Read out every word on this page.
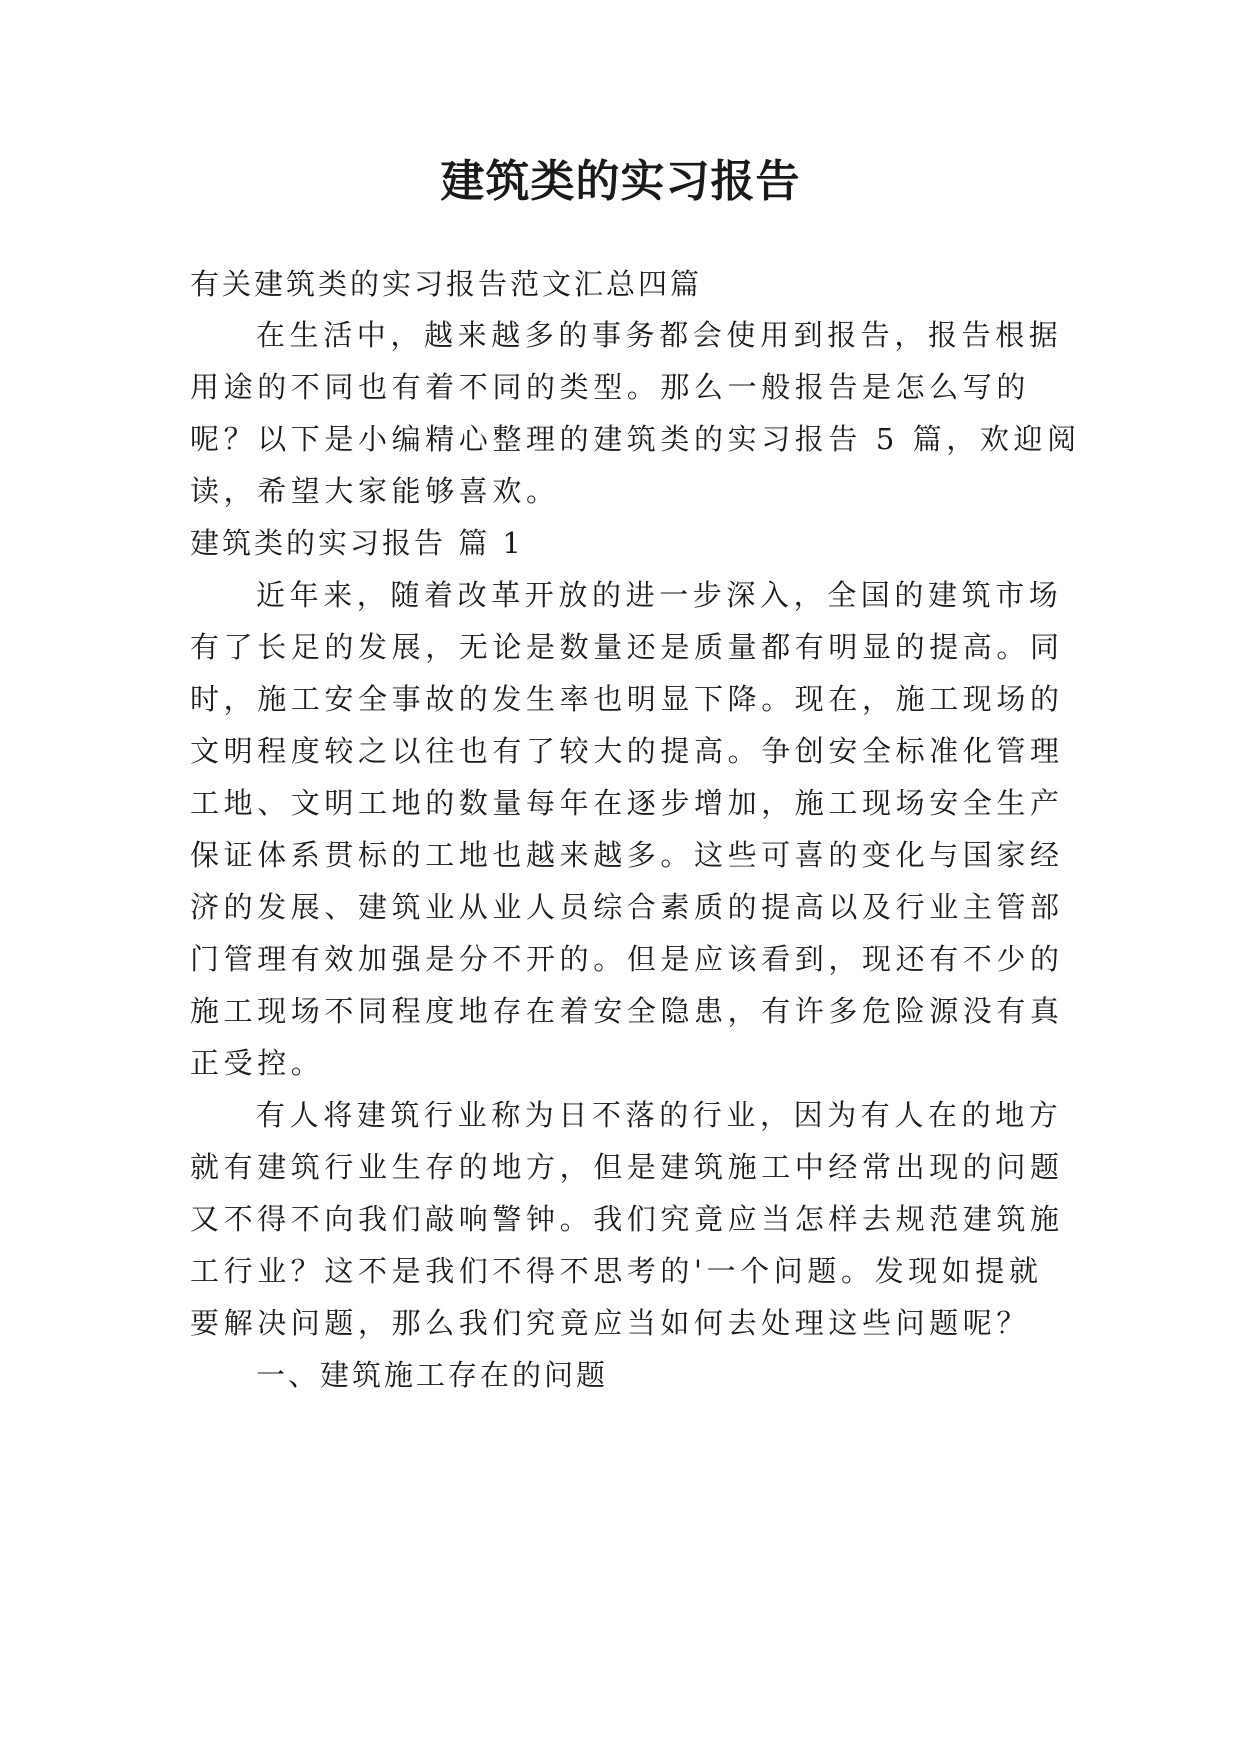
建筑类的实习报告

有关建筑类的实习报告范文汇总四篇

在生活中，越来越多的事务都会使用到报告，报告根据

用途的不同也有着不同的类型。那么一般报告是怎么写的

呢？以下是小编精心整理的建筑类的实习报告 5 篇，欢迎阅

读，希望大家能够喜欢。

建筑类的实习报告 篇 1

近年来，随着改革开放的进一步深入，全国的建筑市场

有了长足的发展，无论是数量还是质量都有明显的提高。同

时，施工安全事故的发生率也明显下降。现在，施工现场的

文明程度较之以往也有了较大的提高。争创安全标准化管理

工地、文明工地的数量每年在逐步增加，施工现场安全生产

保证体系贯标的工地也越来越多。这些可喜的变化与国家经

济的发展、建筑业从业人员综合素质的提高以及行业主管部

门管理有效加强是分不开的。但是应该看到，现还有不少的

施工现场不同程度地存在着安全隐患，有许多危险源没有真

正受控。

有人将建筑行业称为日不落的行业，因为有人在的地方

就有建筑行业生存的地方，但是建筑施工中经常出现的问题

又不得不向我们敲响警钟。我们究竟应当怎样去规范建筑施

工行业？这不是我们不得不思考的'一个问题。发现如提就

要解决问题，那么我们究竟应当如何去处理这些问题呢？

一、建筑施工存在的问题
